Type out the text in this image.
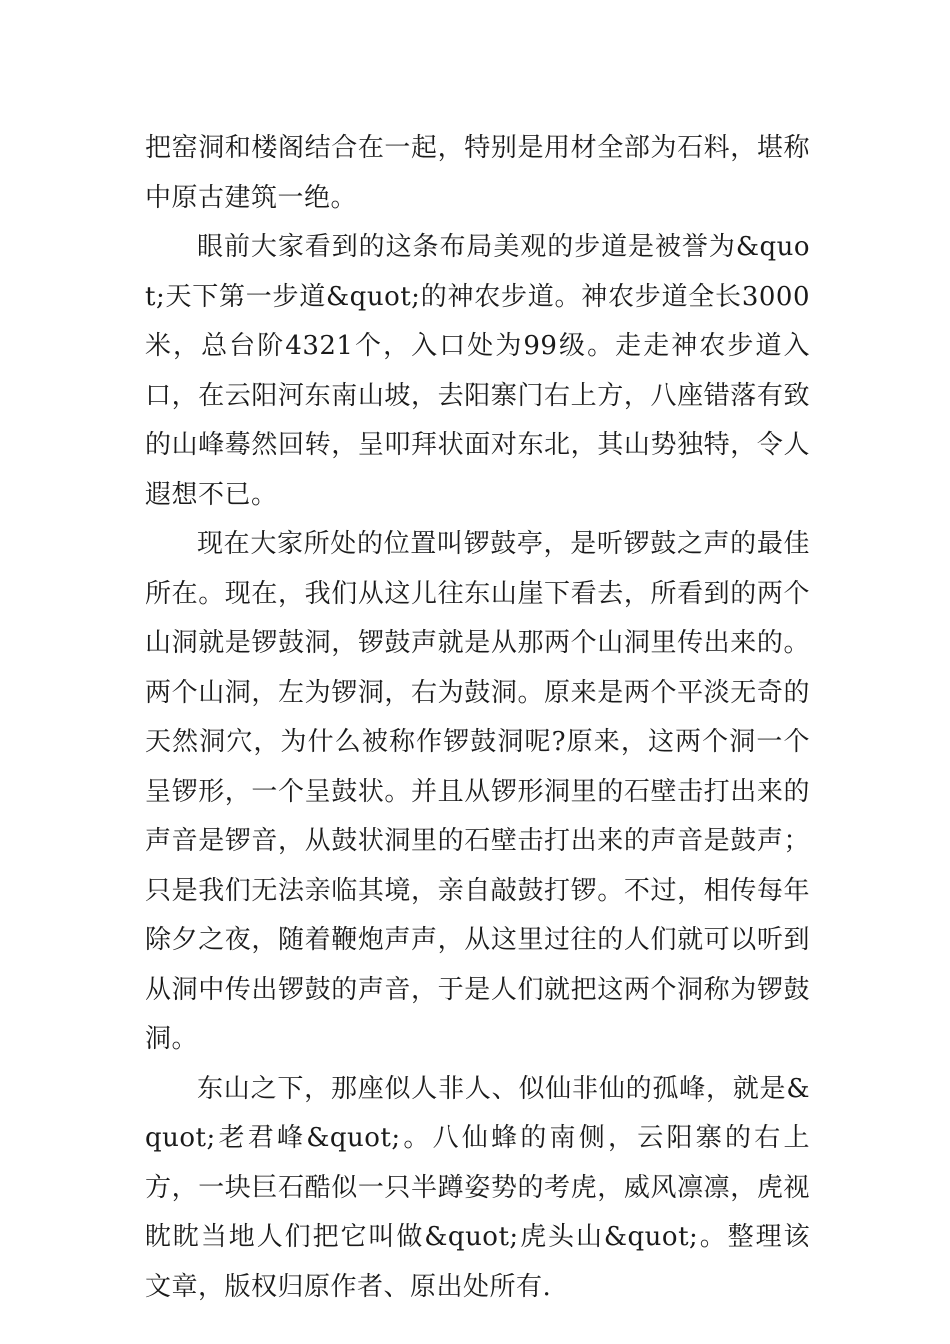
把窑洞和楼阁结合在一起，特别是用材全部为石料，堪称中原古建筑一绝。

眼前大家看到的这条布局美观的步道是被誉为&quot;天下第一步道&quot;的神农步道。神农步道全长3000米，总台阶4321个，入口处为99级。走走神农步道入口，在云阳河东南山坡，去阳寨门右上方，八座错落有致的山峰蓦然回转，呈叩拜状面对东北，其山势独特，令人遐想不已。

现在大家所处的位置叫锣鼓亭，是听锣鼓之声的最佳所在。现在，我们从这儿往东山崖下看去，所看到的两个山洞就是锣鼓洞，锣鼓声就是从那两个山洞里传出来的。两个山洞，左为锣洞，右为鼓洞。原来是两个平淡无奇的天然洞穴，为什么被称作锣鼓洞呢?原来，这两个洞一个呈锣形，一个呈鼓状。并且从锣形洞里的石壁击打出来的声音是锣音，从鼓状洞里的石壁击打出来的声音是鼓声；只是我们无法亲临其境，亲自敲鼓打锣。不过，相传每年除夕之夜，随着鞭炮声声，从这里过往的人们就可以听到从洞中传出锣鼓的声音，于是人们就把这两个洞称为锣鼓洞。

东山之下，那座似人非人、似仙非仙的孤峰，就是&quot;老君峰&quot;。八仙蜂的南侧，云阳寨的右上方，一块巨石酷似一只半蹲姿势的考虎，威风凛凛，虎视眈眈当地人们把它叫做&quot;虎头山&quot;。整理该文章，版权归原作者、原出处所有.
